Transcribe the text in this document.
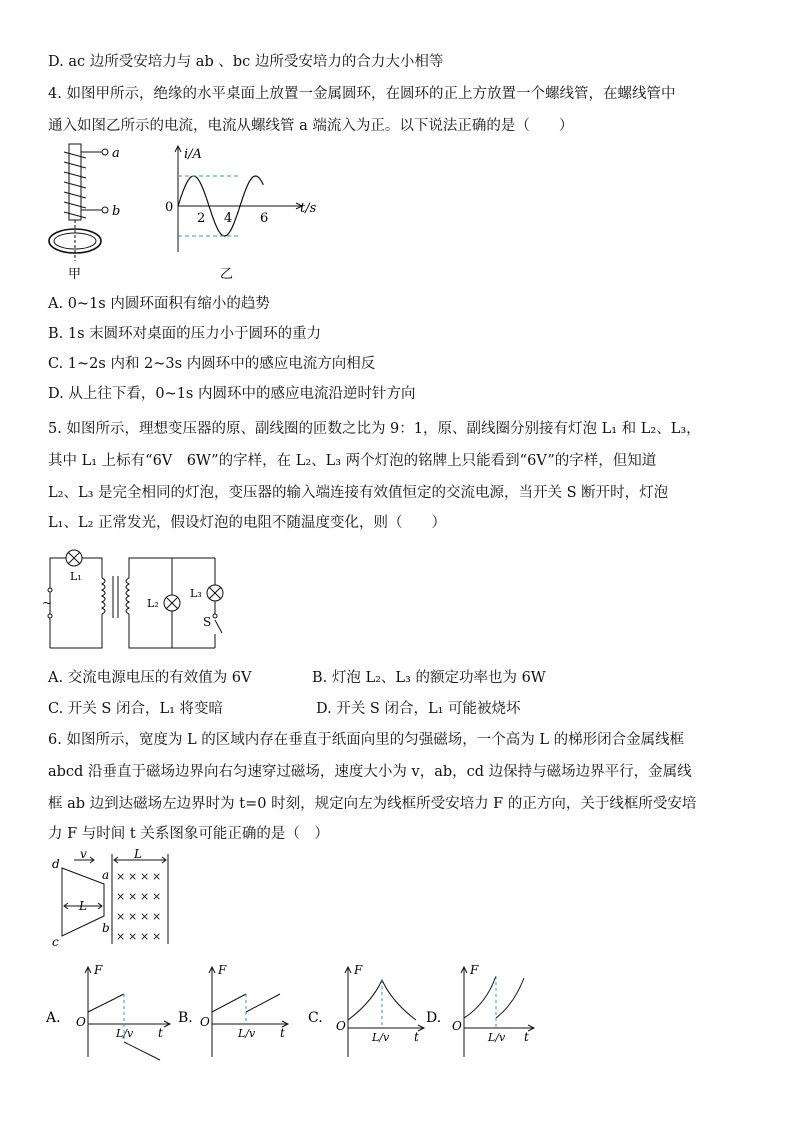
D. ac 边所受安培力与 ab 、bc 边所受安培力的合力大小相等
4. 如图甲所示，绝缘的水平桌面上放置一金属圆环，在圆环的正上方放置一个螺线管，在螺线管中
通入如图乙所示的电流，电流从螺线管 a 端流入为正。以下说法正确的是（　　）
a
b
甲
i/A
t/s
0
2 4 6
乙
A. 0~1s 内圆环面积有缩小的趋势
B. 1s 末圆环对桌面的压力小于圆环的重力
C. 1~2s 内和 2~3s 内圆环中的感应电流方向相反
D. 从上往下看，0~1s 内圆环中的感应电流沿逆时针方向
5. 如图所示，理想变压器的原、副线圈的匝数之比为 9：1，原、副线圈分别接有灯泡 L₁ 和 L₂、L₃，
其中 L₁ 上标有“6V　6W”的字样，在 L₂、L₃ 两个灯泡的铭牌上只能看到“6V”的字样，但知道
L₂、L₃ 是完全相同的灯泡，变压器的输入端连接有效值恒定的交流电源，当开关 S 断开时，灯泡
L₁、L₂ 正常发光，假设灯泡的电阻不随温度变化，则（　　）
~
L₁
L₂
L₃
S
A. 交流电源电压的有效值为 6V	B. 灯泡 L₂、L₃ 的额定功率也为 6W
C. 开关 S 闭合，L₁ 将变暗	D. 开关 S 闭合，L₁ 可能被烧坏
6. 如图所示，宽度为 L 的区域内存在垂直于纸面向里的匀强磁场，一个高为 L 的梯形闭合金属线框
abcd 沿垂直于磁场边界向右匀速穿过磁场，速度大小为 v，ab，cd 边保持与磁场边界平行，金属线
框 ab 边到达磁场左边界时为 t=0 时刻，规定向左为线框所受安培力 F 的正方向，关于线框所受安培
力 F 与时间 t 关系图象可能正确的是（　）
× × × ×
× × × ×
× × × ×
× × × ×
d
a
b
c
v	L
L
A.
F
O
L/v t
B.
F
O
L/v t
C.
F
O
L/v t
D.
F
O
L/v t
